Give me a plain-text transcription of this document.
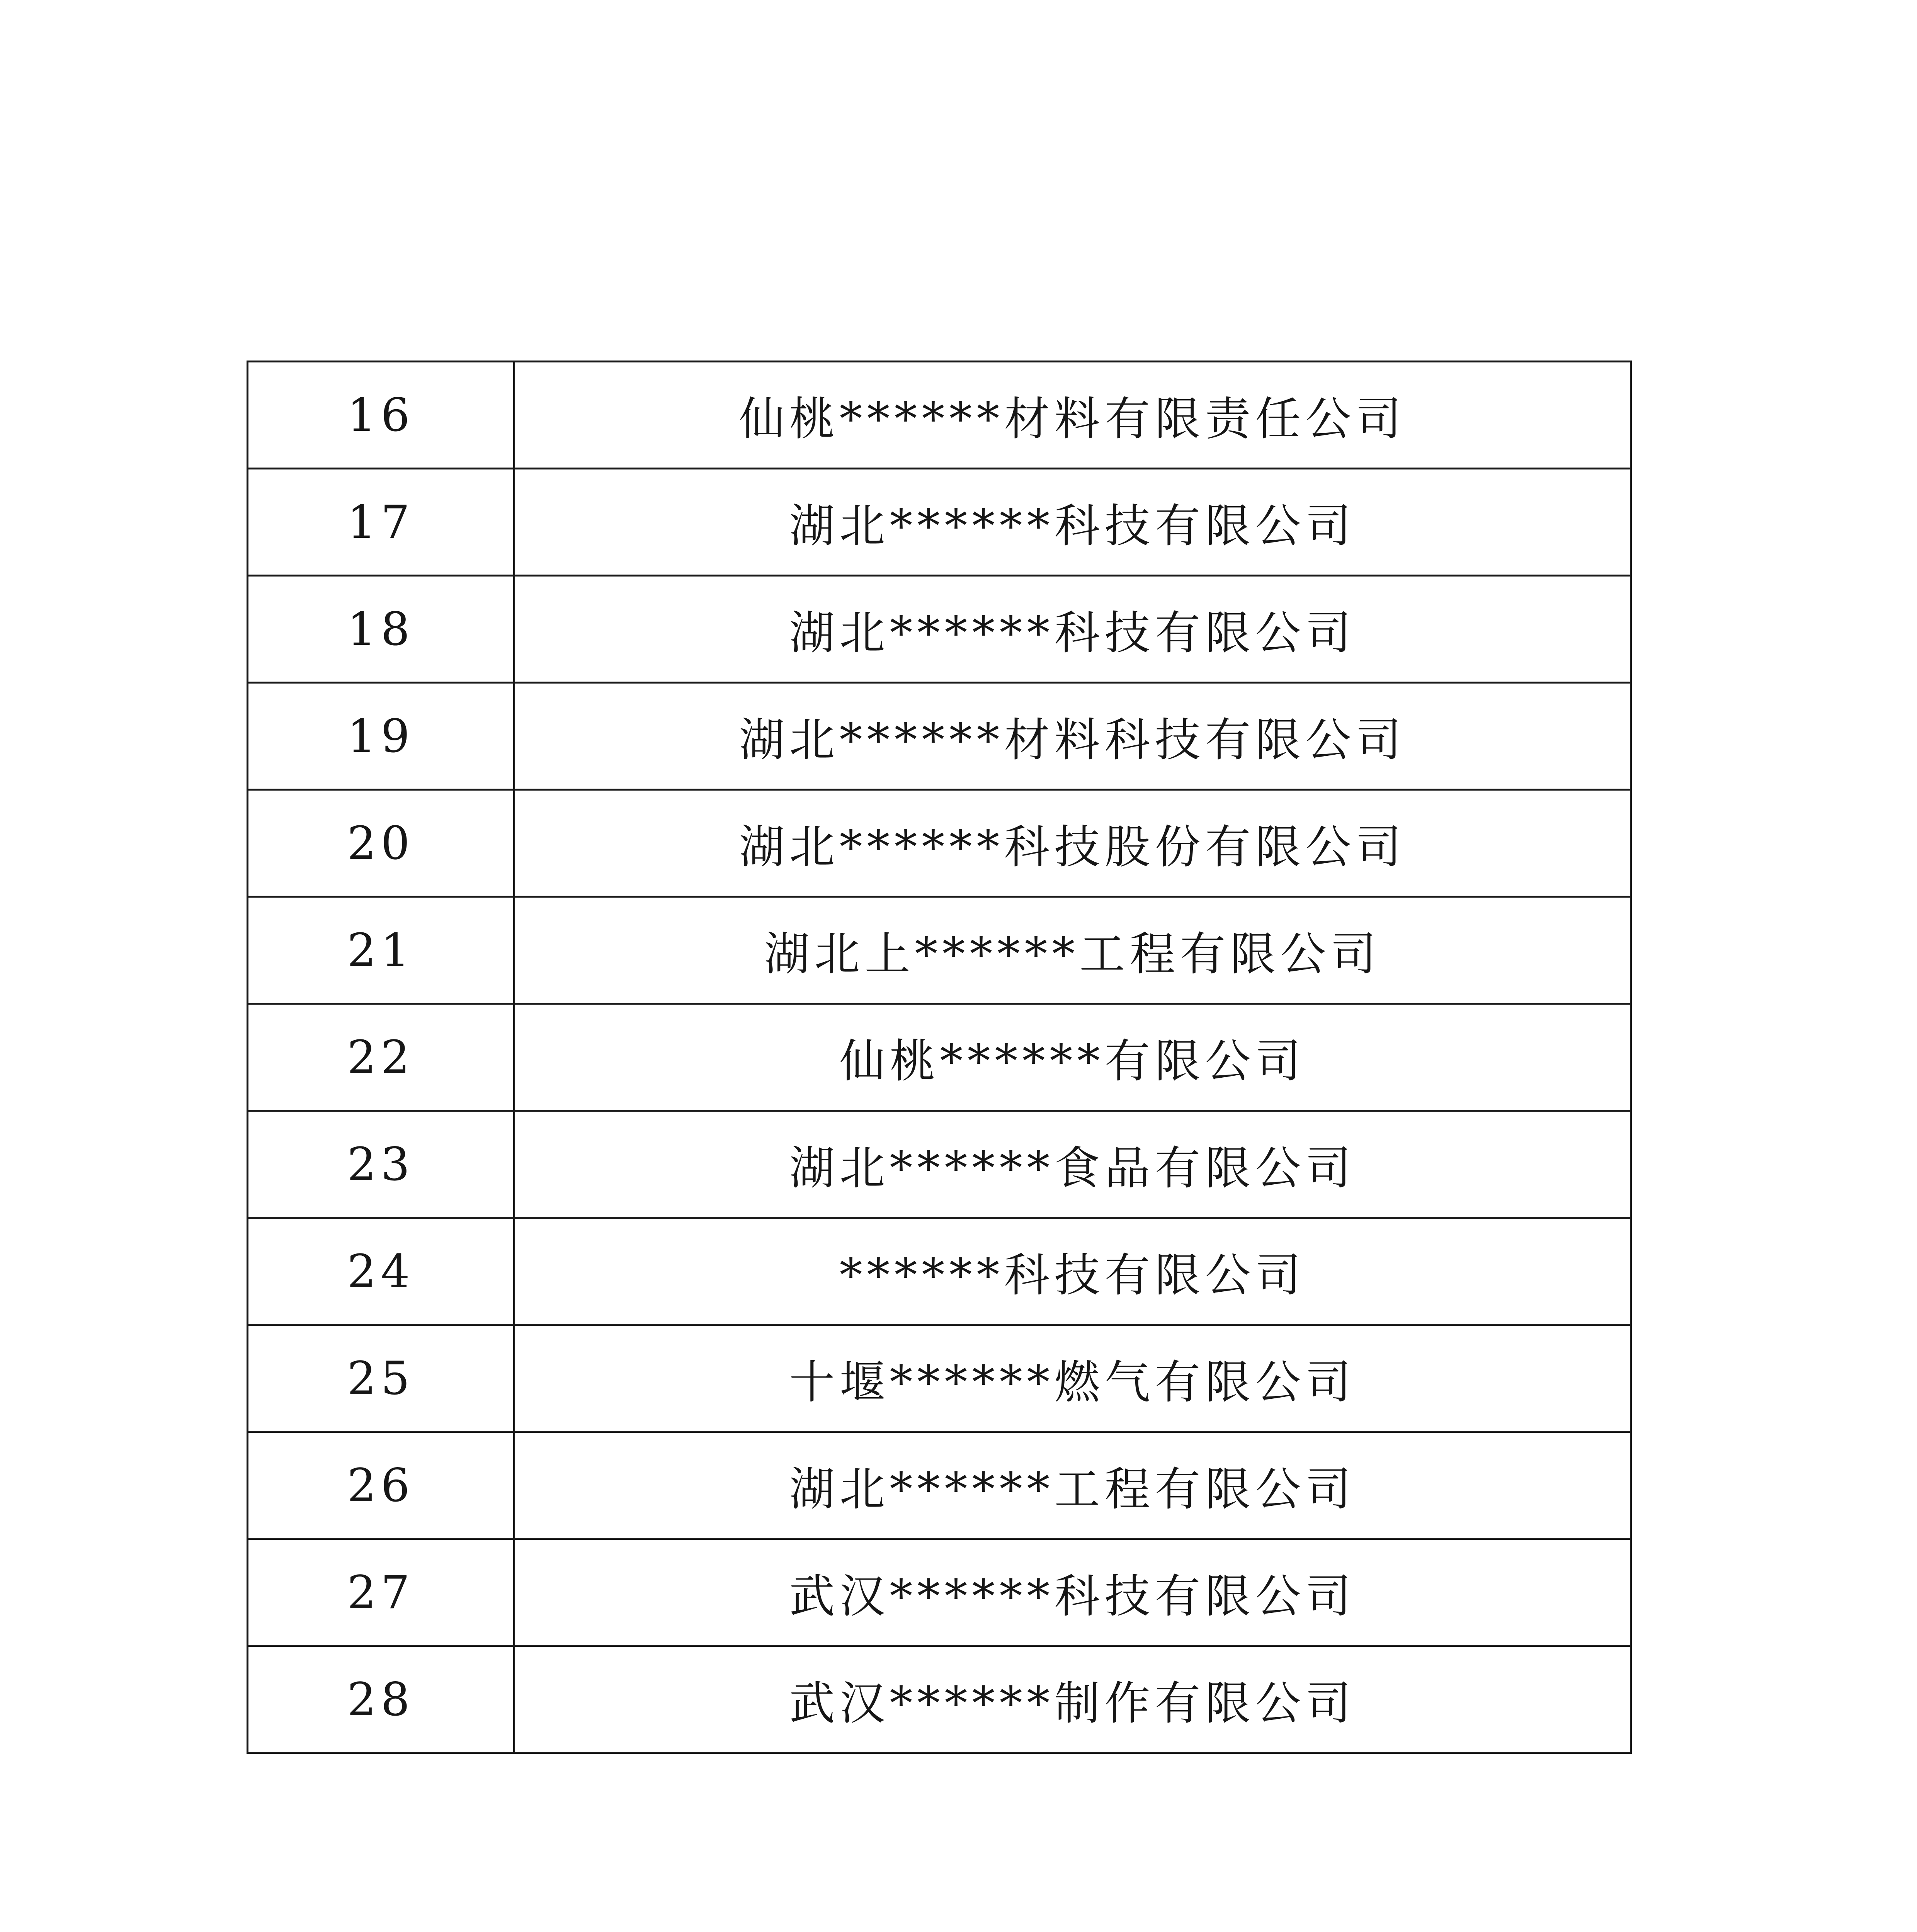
16	仙桃******材料有限责任公司
17	湖北******科技有限公司
18	湖北******科技有限公司
19	湖北******材料科技有限公司
20	湖北******科技股份有限公司
21	湖北上******工程有限公司
22	仙桃******有限公司
23	湖北******食品有限公司
24	******科技有限公司
25	十堰******燃气有限公司
26	湖北******工程有限公司
27	武汉******科技有限公司
28	武汉******制作有限公司
